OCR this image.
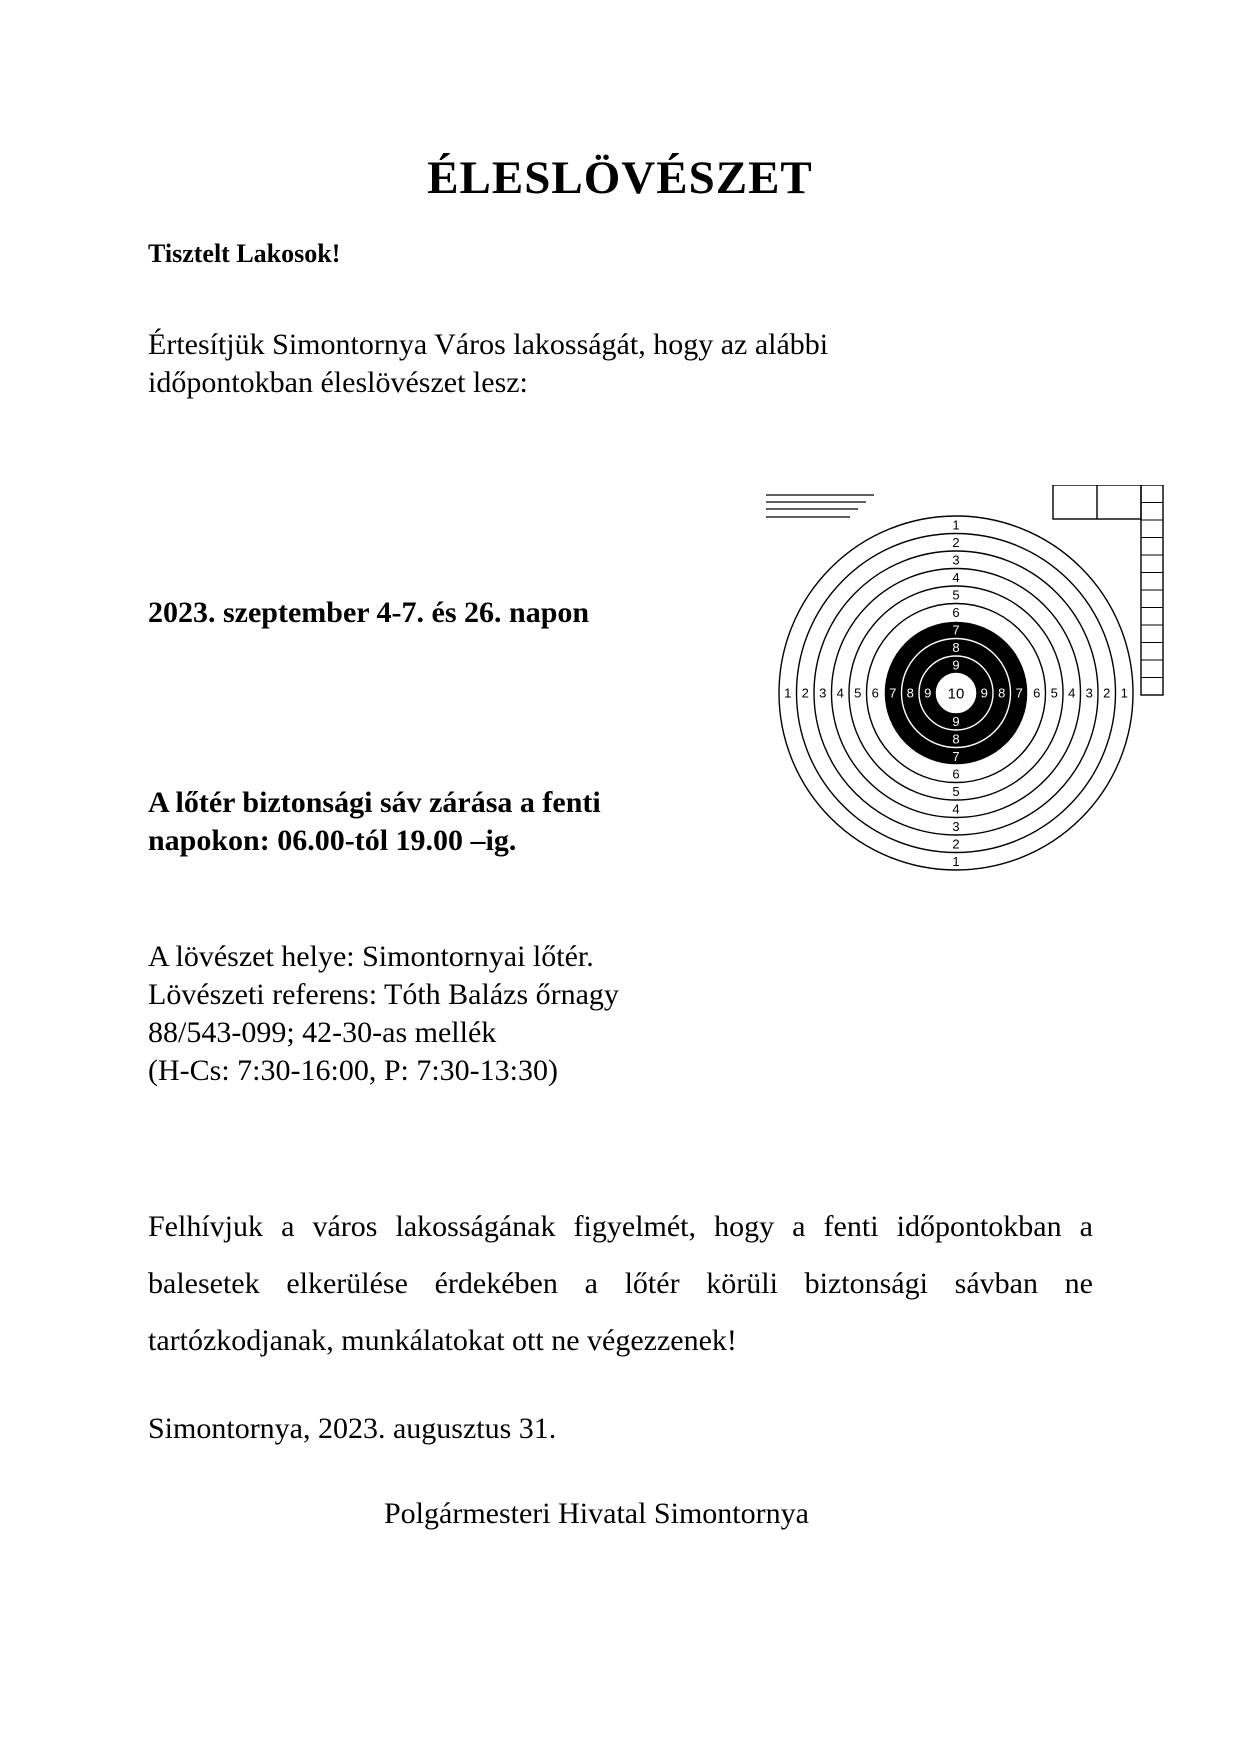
ÉLESLÖVÉSZET

Tisztelt Lakosok!

Értesítjük Simontornya Város lakosságát, hogy az alábbi
időpontokban éleslövészet lesz:

2023. szeptember 4-7. és 26. napon

A lőtér biztonsági sáv zárása a fenti
napokon: 06.00-tól 19.00 –ig.

A lövészet helye: Simontornyai lőtér.
Lövészeti referens: Tóth Balázs őrnagy
88/543-099; 42-30-as mellék
(H-Cs: 7:30-16:00, P: 7:30-13:30)

Felhívjuk a város lakosságának figyelmét, hogy a fenti időpontokban a balesetek elkerülése érdekében a lőtér körüli biztonsági sávban ne tartózkodjanak, munkálatokat ott ne végezzenek!

Simontornya, 2023. augusztus 31.

Polgármesteri Hivatal Simontornya

1
1
1	1
2
2
2	2
3
3
3	3
4
4
4	4
5
5
5	5
6
6
6	6
7
7
7	7
8
8
8	8
9
9
9	9
10
